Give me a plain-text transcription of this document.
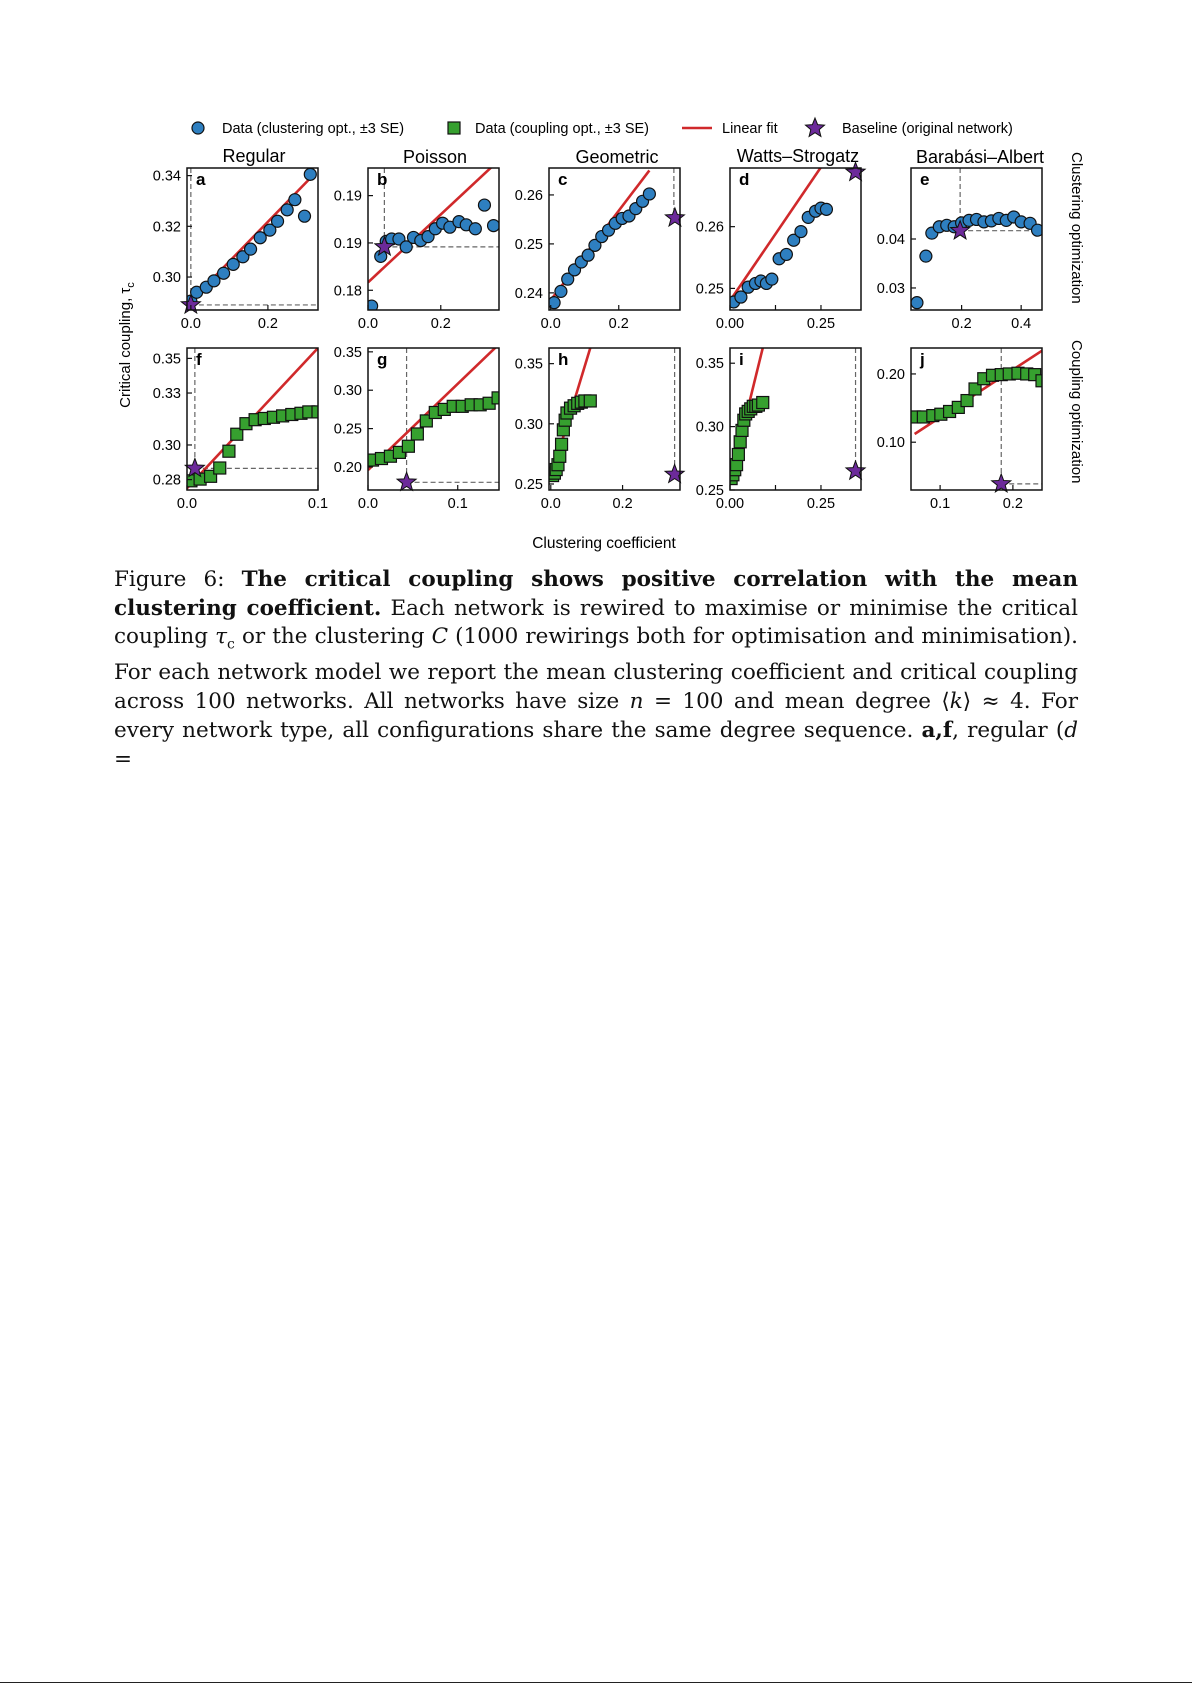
Data (clustering opt., ±3 SE)	Data (coupling opt., ±3 SE)	Linear fit	Baseline (original network)
Regular	Poisson	Geometric	Watts–Strogatz	Barabási–Albert
Critical coupling, $\tau_c$
Clustering coefficient
Clustering optimization
Coupling optimization
a
0.30
0.32
0.34
0.0	0.2
b
0.18
0.19
0.19
0.0	0.2
c
0.24
0.25
0.26
0.0	0.2
d
0.25
0.26
0.00	0.25
e
0.03
0.04
0.2	0.4
f
0.28
0.30
0.33
0.35
0.0	0.1
g
0.20
0.25
0.30
0.35
0.0	0.1
h
0.25
0.30
0.35
0.0	0.2
i
0.25
0.30
0.35
0.00	0.25
j
0.10
0.20
0.1	0.2
Figure 6: The critical coupling shows positive correlation with the mean clustering coefficient. Each network is rewired to maximise or minimise the critical coupling $\tau_c$ or the clustering C (1000 rewirings both for optimisation and minimisation). For each network model we report the mean clustering coefficient and critical coupling across 100 networks. All networks have size n = 100 and mean degree ⟨k⟩ ≈ 4. For every network type, all configurations share the same degree sequence. a,f, regular (d =
